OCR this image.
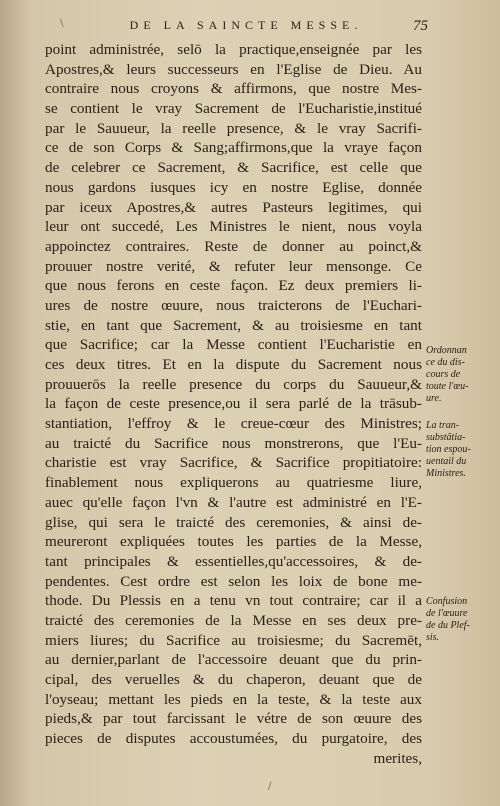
\	DE LA SAINCTE MESSE.	75
point administrée, selō la practique,enseignée par les
Apostres,& leurs successeurs en l'Eglise de Dieu. Au
contraire nous croyons & affirmons, que nostre Mes-
se contient le vray Sacrement de l'Eucharistie,institué
par le Sauueur, la reelle presence, & le vray Sacrifi-
ce de son Corps & Sang;affirmons,que la vraye façon
de celebrer ce Sacrement, & Sacrifice, est celle que
nous gardons iusques icy en nostre Eglise, donnée
par iceux Apostres,& autres Pasteurs legitimes, qui
leur ont succedé, Les Ministres le nient, nous voyla
appoinctez contraires. Reste de donner au poinct,&
prouuer nostre verité, & refuter leur mensonge. Ce
que nous ferons en ceste façon. Ez deux premiers li-
ures de nostre œuure, nous traicterons de l'Euchari-
stie, en tant que Sacrement, & au troisiesme en tant
que Sacrifice; car la Messe contient l'Eucharistie en
ces deux titres. Et en la dispute du Sacrement nous
prouuerōs la reelle presence du corps du Sauueur,&
la façon de ceste presence,ou il sera parlé de la trāsub-
stantiation, l'effroy & le creue-cœur des Ministres;
au traicté du Sacrifice nous monstrerons, que l'Eu-
charistie est vray Sacrifice, & Sacrifice propitiatoire:
finablement nous expliquerons au quatriesme liure,
auec qu'elle façon l'vn & l'autre est administré en l'E-
glise, qui sera le traicté des ceremonies, & ainsi de-
meureront expliquées toutes les parties de la Messe,
tant principales & essentielles,qu'accessoires, & de-
pendentes. Cest ordre est selon les loix de bone me-
thode. Du Plessis en a tenu vn tout contraire; car il a
traicté des ceremonies de la Messe en ses deux pre-
miers liures; du Sacrifice au troisiesme; du Sacremēt,
au dernier,parlant de l'accessoire deuant que du prin-
cipal, des veruelles & du chaperon, deuant que de
l'oyseau; mettant les pieds en la teste, & la teste aux
pieds,& par tout farcissant le vétre de son œuure des
pieces de disputes accoustumées, du purgatoire, des
merites,
Ordonnan
ce du dis-
cours de
toute l'œu-
ure.
La tran-
substātia-
tion espou-
uentail du
Ministres.
Confusion
de l'œuure
de du Plef-
sis.
/
